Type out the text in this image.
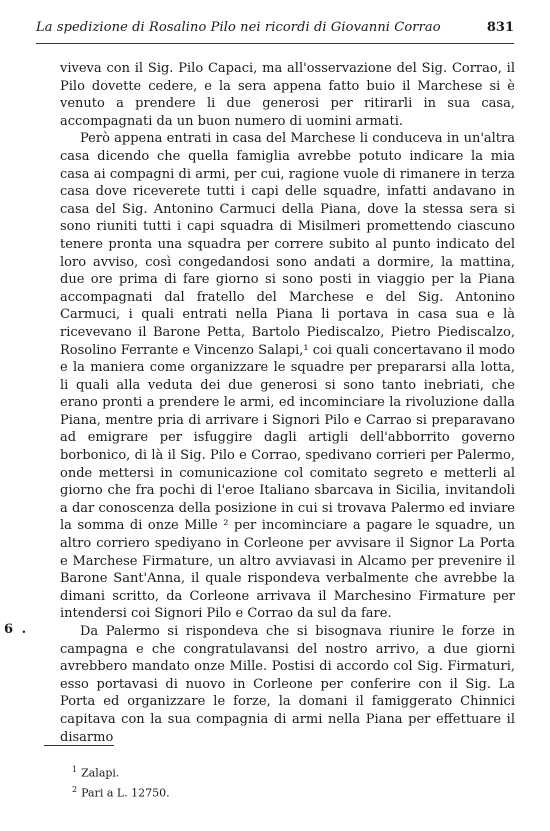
La spedizione di Rosalino Pilo nei ricordi di Giovanni Corrao	831

viveva con il Sig. Pilo Capaci, ma all'osservazione del Sig. Corrao, il Pilo dovette cedere, e la sera appena fatto buio il Marchese si è venuto a prendere li due generosi per ritirarli in sua casa, accompagnati da un buon numero di uomini armati.

Però appena entrati in casa del Marchese li conduceva in un'altra casa dicendo che quella famiglia avrebbe potuto indicare la mia casa ai compagni di armi, per cui, ragione vuole di rimanere in terza casa dove riceverete tutti i capi delle squadre, infatti andavano in casa del Sig. Antonino Carmuci della Piana, dove la stessa sera si sono riuniti tutti i capi squadra di Misilmeri promettendo ciascuno tenere pronta una squadra per correre subito al punto indicato del loro avviso, così congedandosi sono andati a dormire, la mattina, due ore prima di fare giorno si sono posti in viaggio per la Piana accompagnati dal fratello del Marchese e del Sig. Antonino Carmuci, i quali entrati nella Piana li portava in casa sua e là ricevevano il Barone Petta, Bartolo Piediscalzo, Pietro Piediscalzo, Rosolino Ferrante e Vincenzo Salapi,¹ coi quali concertavano il modo e la maniera come organizzare le squadre per prepararsi alla lotta, li quali alla veduta dei due generosi si sono tanto inebriati, che erano pronti a prendere le armi, ed incominciare la rivoluzione dalla Piana, mentre pria di arrivare i Signori Pilo e Carrao si preparavano ad emigrare per isfuggire dagli artigli dell'abborrito governo borbonico, di là il Sig. Pilo e Corrao, spedivano corrieri per Palermo, onde mettersi in comunicazione col comitato segreto e metterli al giorno che fra pochi di l'eroe Italiano sbarcava in Sicilia, invitandoli a dar conoscenza della posizione in cui si trovava Palermo ed inviare la somma di onze Mille ² per incominciare a pagare le squadre, un altro corriero spediyano in Corleone per avvisare il Signor La Porta e Marchese Firmature, un altro avviavasi in Alcamo per prevenire il Barone Sant'Anna, il quale rispondeva verbalmente che avrebbe la dimani scritto, da Corleone arrivava il Marchesino Firmature per intendersi coi Signori Pilo e Corrao da sul da fare.

Da Palermo si rispondeva che si bisognava riunire le forze in campagna e che congratulavansi del nostro arrivo, a due giorni avrebbero mandato onze Mille. Postisi di accordo col Sig. Firmaturi, esso portavasi di nuovo in Corleone per conferire con il Sig. La Porta ed organizzare le forze, la domani il famiggerato Chinnici capitava con la sua compagnia di armi nella Piana per effettuare il disarmo

6 .
$^1$ Zalapi.
$^2$ Pari a L. 12750.
